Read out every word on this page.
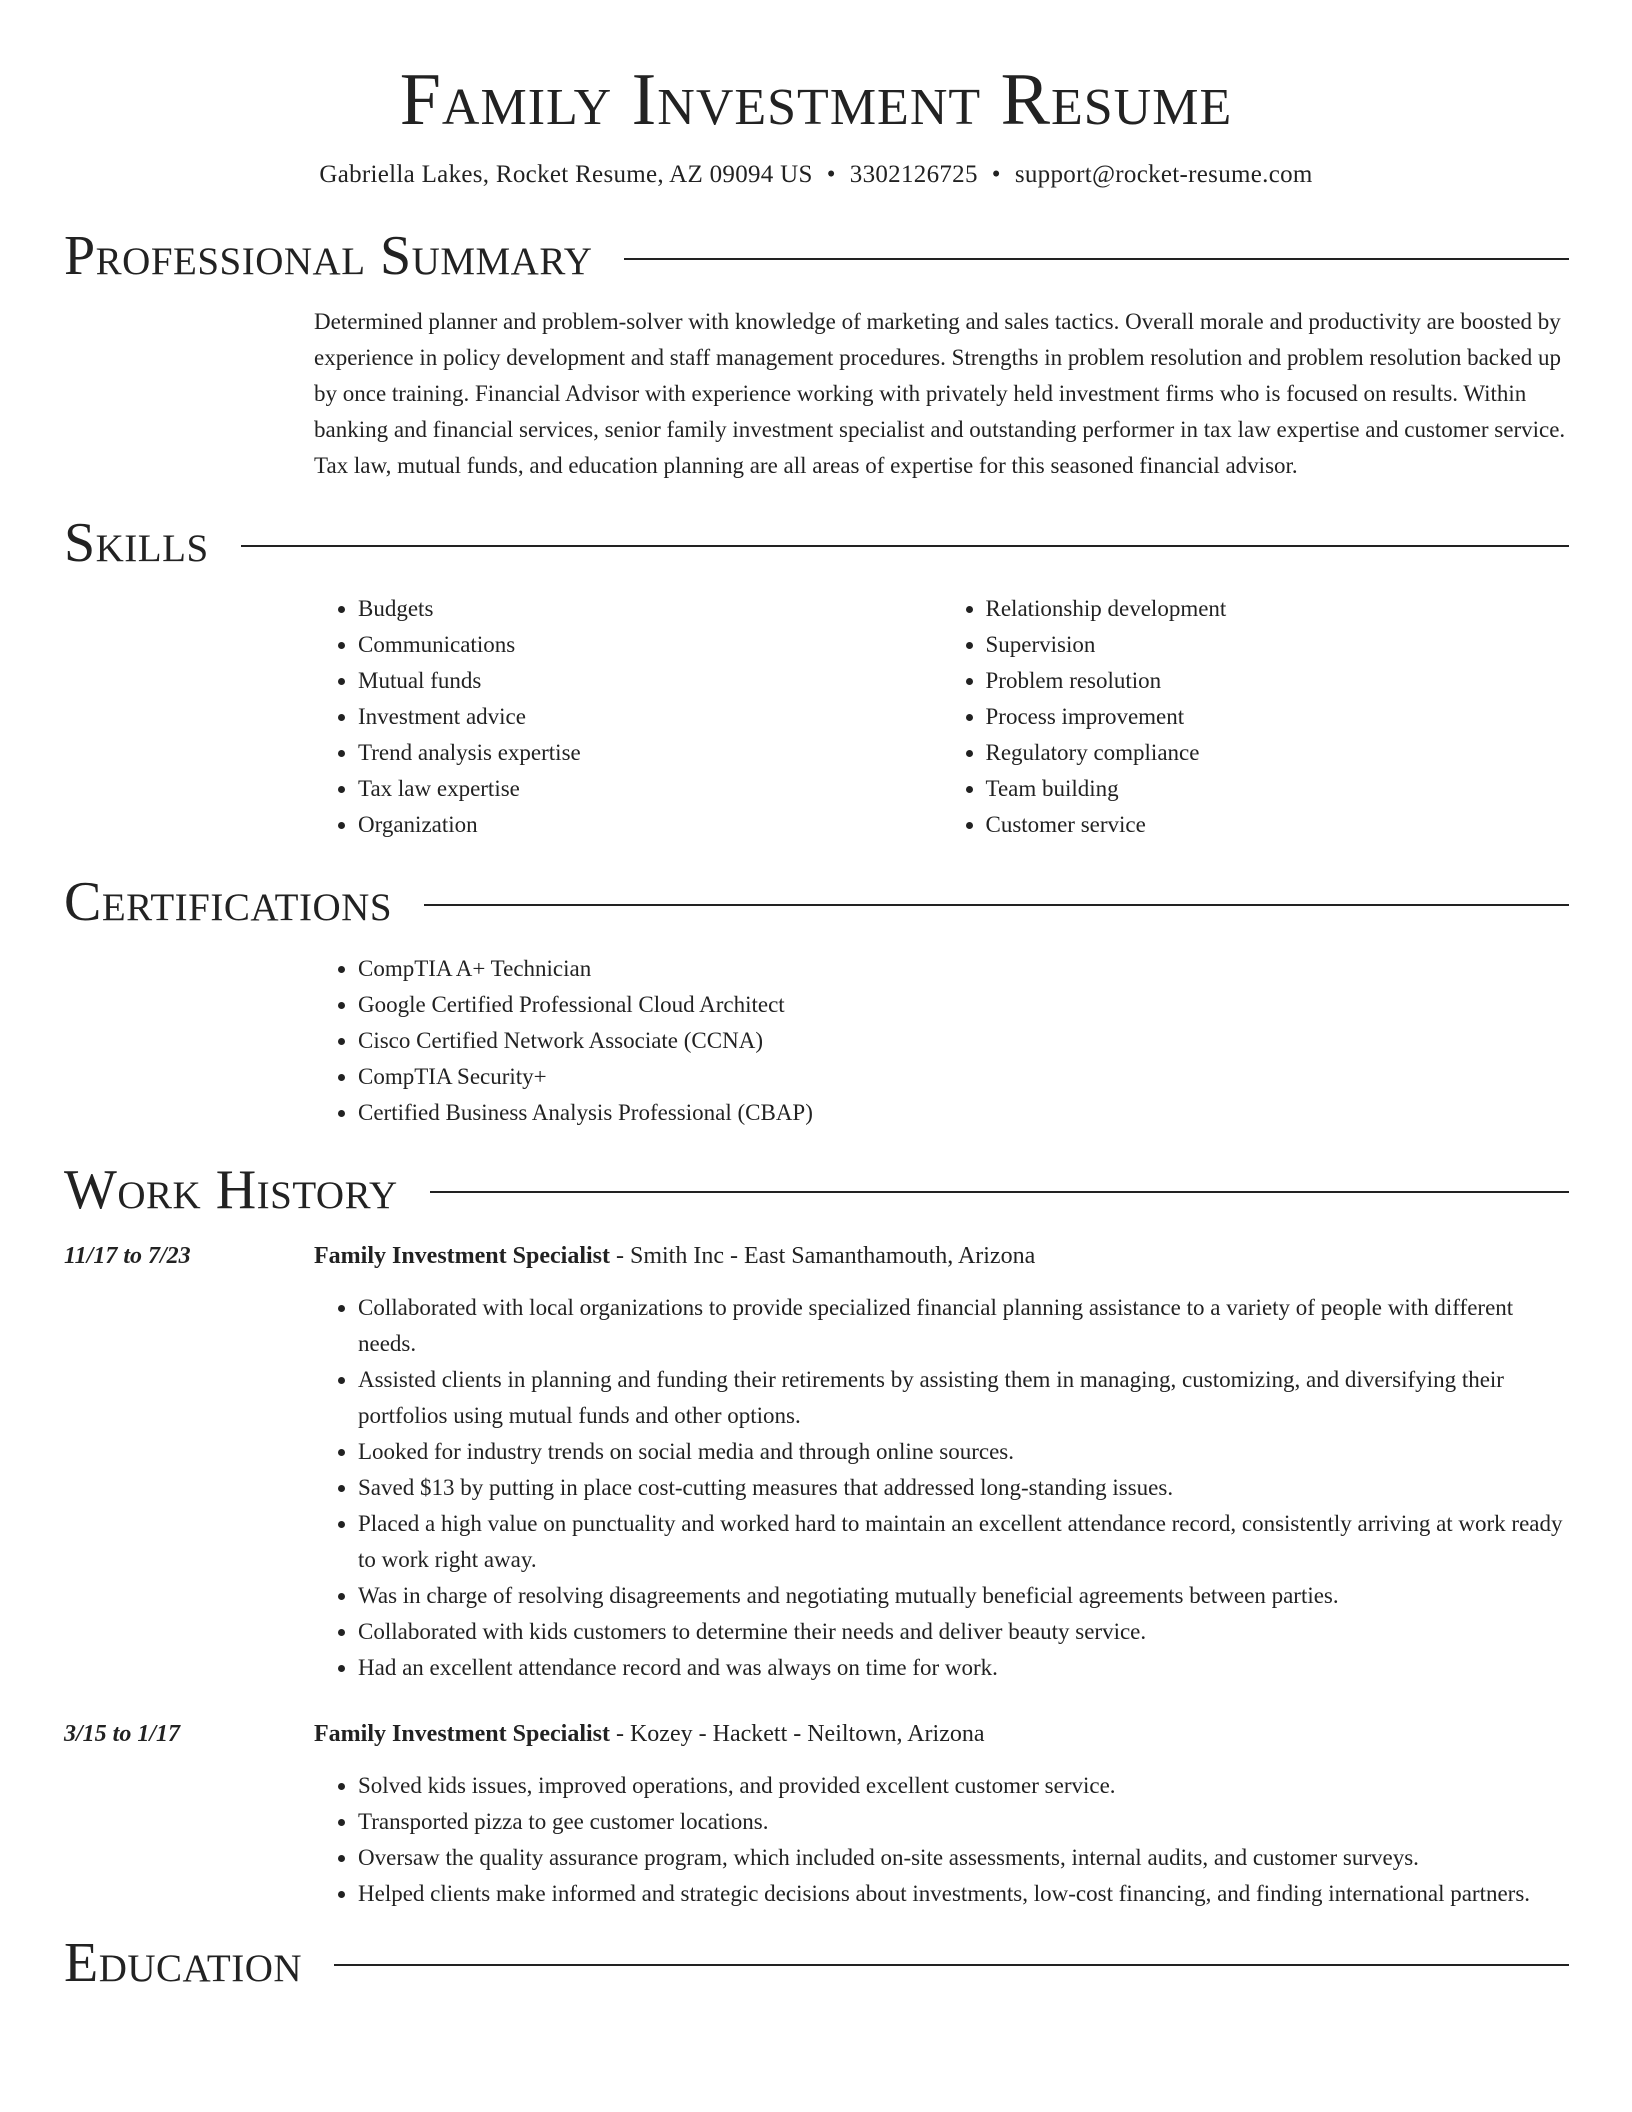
Family Investment Resume
Gabriella Lakes, Rocket Resume, AZ 09094 US • 3302126725 • support@rocket-resume.com
Professional Summary

Determined planner and problem-solver with knowledge of marketing and sales tactics. Overall morale and productivity are boosted by experience in policy development and staff management procedures. Strengths in problem resolution and problem resolution backed up by once training. Financial Advisor with experience working with privately held investment firms who is focused on results. Within banking and financial services, senior family investment specialist and outstanding performer in tax law expertise and customer service. Tax law, mutual funds, and education planning are all areas of expertise for this seasoned financial advisor.

Skills
• Budgets
• Communications
• Mutual funds
• Investment advice
• Trend analysis expertise
• Tax law expertise
• Organization
• Relationship development
• Supervision
• Problem resolution
• Process improvement
• Regulatory compliance
• Team building
• Customer service
Certifications
• CompTIA A+ Technician
• Google Certified Professional Cloud Architect
• Cisco Certified Network Associate (CCNA)
• CompTIA Security+
• Certified Business Analysis Professional (CBAP)
Work History
11/17 to 7/23	Family Investment Specialist - Smith Inc - East Samanthamouth, Arizona
• Collaborated with local organizations to provide specialized financial planning assistance to a variety of people with different needs.
• Assisted clients in planning and funding their retirements by assisting them in managing, customizing, and diversifying their portfolios using mutual funds and other options.
• Looked for industry trends on social media and through online sources.
• Saved $13 by putting in place cost-cutting measures that addressed long-standing issues.
• Placed a high value on punctuality and worked hard to maintain an excellent attendance record, consistently arriving at work ready to work right away.
• Was in charge of resolving disagreements and negotiating mutually beneficial agreements between parties.
• Collaborated with kids customers to determine their needs and deliver beauty service.
• Had an excellent attendance record and was always on time for work.
3/15 to 1/17	Family Investment Specialist - Kozey - Hackett - Neiltown, Arizona
• Solved kids issues, improved operations, and provided excellent customer service.
• Transported pizza to gee customer locations.
• Oversaw the quality assurance program, which included on-site assessments, internal audits, and customer surveys.
• Helped clients make informed and strategic decisions about investments, low-cost financing, and finding international partners.
Education
